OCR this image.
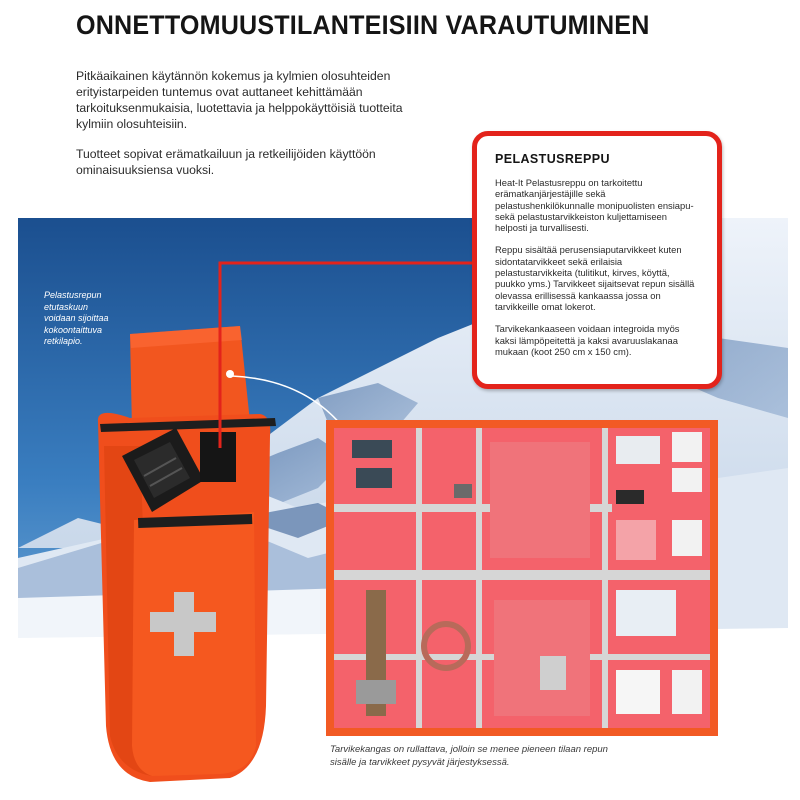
ONNETTOMUUSTILANTEISIIN VARAUTUMINEN
Pitkäaikainen käytännön kokemus ja kylmien olosuhteiden erityistarpeiden tuntemus ovat auttaneet kehittämään tarkoituksenmukaisia, luotettavia ja helppokäyttöisiä tuotteita kylmiin olosuhteisiin.
Tuotteet sopivat erämatkailuun ja retkeilijöiden käyttöön ominaisuuksiensa vuoksi.
Pelastusrepun etutaskuun voidaan sijoittaa kokoontaittuva retkilapio.
PELASTUSREPPU

Heat-It Pelastusreppu on tarkoitettu erämatkanjärjestäjille sekä pelastushenkilökunnalle monipuolisten ensiapu- sekä pelastustarvikkeiston kuljettamiseen helposti ja turvallisesti.

Reppu sisältää perusensiaputarvikkeet kuten sidontatarvikkeet sekä erilaisia pelastustarvikkeita (tulitikut, kirves, köyttä, puukko yms.) Tarvikkeet sijaitsevat repun sisällä olevassa erillisessä kankaassa jossa on tarvikkeille omat lokerot.

Tarvikekankaaseen voidaan integroida myös kaksi lämpöpeitettä ja kaksi avaruuslakanaa mukaan (koot 250 cm x 150 cm).

Tarvikekangas on rullattava, jolloin se menee pieneen tilaan repun sisälle ja tarvikkeet pysyvät järjestyksessä.
